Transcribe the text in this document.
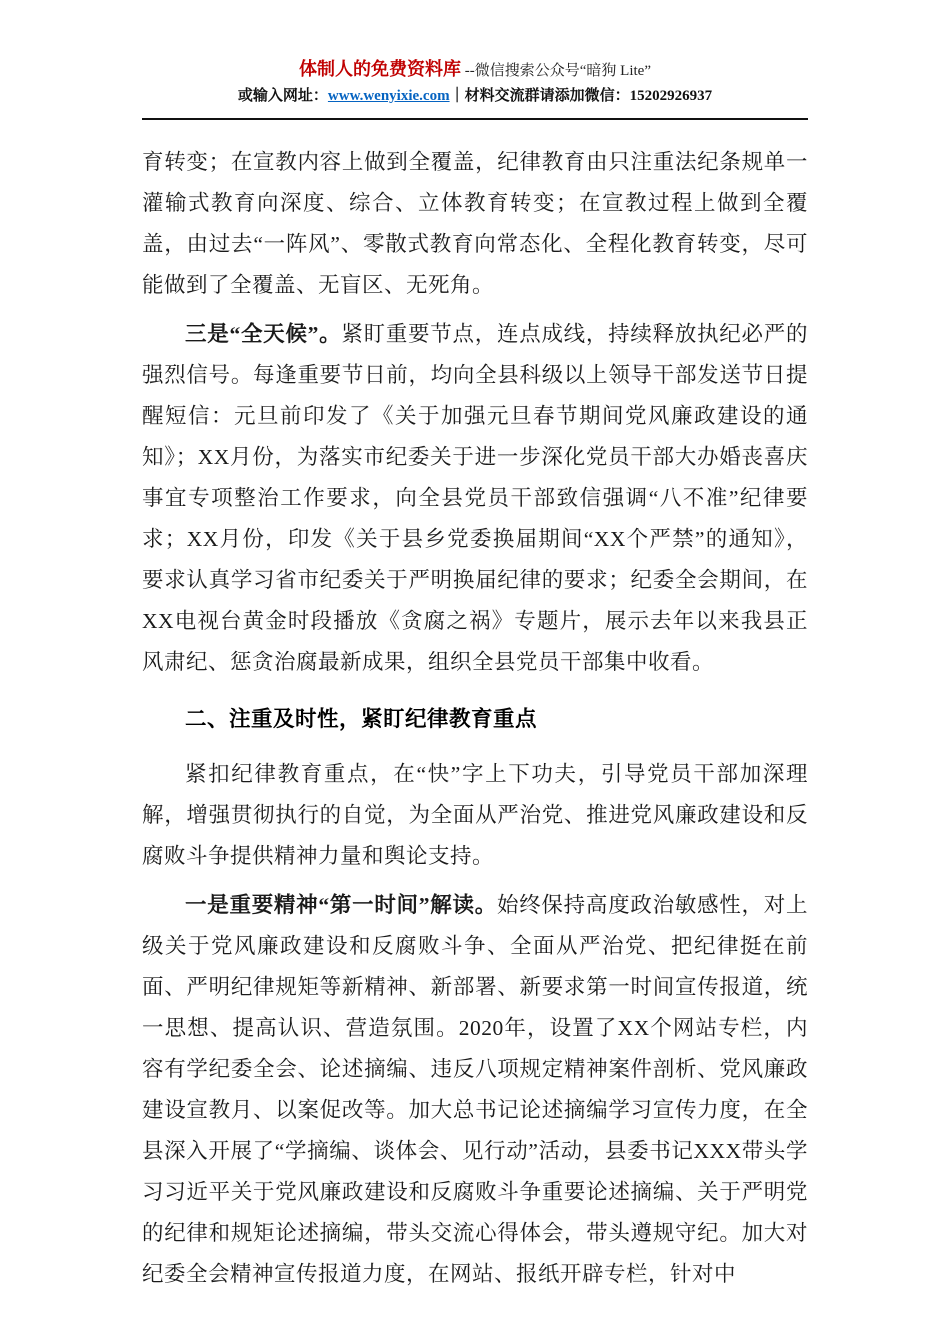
体制人的免费资料库 --微信搜索公众号“暗狗 Lite”
或输入网址：www.wenyixie.com｜材料交流群请添加微信：15202926937

育转变；在宣教内容上做到全覆盖，纪律教育由只注重法纪条规单一灌输式教育向深度、综合、立体教育转变；在宣教过程上做到全覆盖，由过去“一阵风”、零散式教育向常态化、全程化教育转变，尽可能做到了全覆盖、无盲区、无死角。

三是“全天候”。紧盯重要节点，连点成线，持续释放执纪必严的强烈信号。每逢重要节日前，均向全县科级以上领导干部发送节日提醒短信：元旦前印发了《关于加强元旦春节期间党风廉政建设的通知》；XX月份，为落实市纪委关于进一步深化党员干部大办婚丧喜庆事宜专项整治工作要求，向全县党员干部致信强调“八不准”纪律要求；XX月份，印发《关于县乡党委换届期间“XX个严禁”的通知》，要求认真学习省市纪委关于严明换届纪律的要求；纪委全会期间，在XX电视台黄金时段播放《贪腐之祸》专题片，展示去年以来我县正风肃纪、惩贪治腐最新成果，组织全县党员干部集中收看。

二、注重及时性，紧盯纪律教育重点

紧扣纪律教育重点，在“快”字上下功夫，引导党员干部加深理解，增强贯彻执行的自觉，为全面从严治党、推进党风廉政建设和反腐败斗争提供精神力量和舆论支持。

一是重要精神“第一时间”解读。始终保持高度政治敏感性，对上级关于党风廉政建设和反腐败斗争、全面从严治党、把纪律挺在前面、严明纪律规矩等新精神、新部署、新要求第一时间宣传报道，统一思想、提高认识、营造氛围。2020年，设置了XX个网站专栏，内容有学纪委全会、论述摘编、违反八项规定精神案件剖析、党风廉政建设宣教月、以案促改等。加大总书记论述摘编学习宣传力度，在全县深入开展了“学摘编、谈体会、见行动”活动，县委书记XXX带头学习习近平关于党风廉政建设和反腐败斗争重要论述摘编、关于严明党的纪律和规矩论述摘编，带头交流心得体会，带头遵规守纪。加大对纪委全会精神宣传报道力度，在网站、报纸开辟专栏，针对中
